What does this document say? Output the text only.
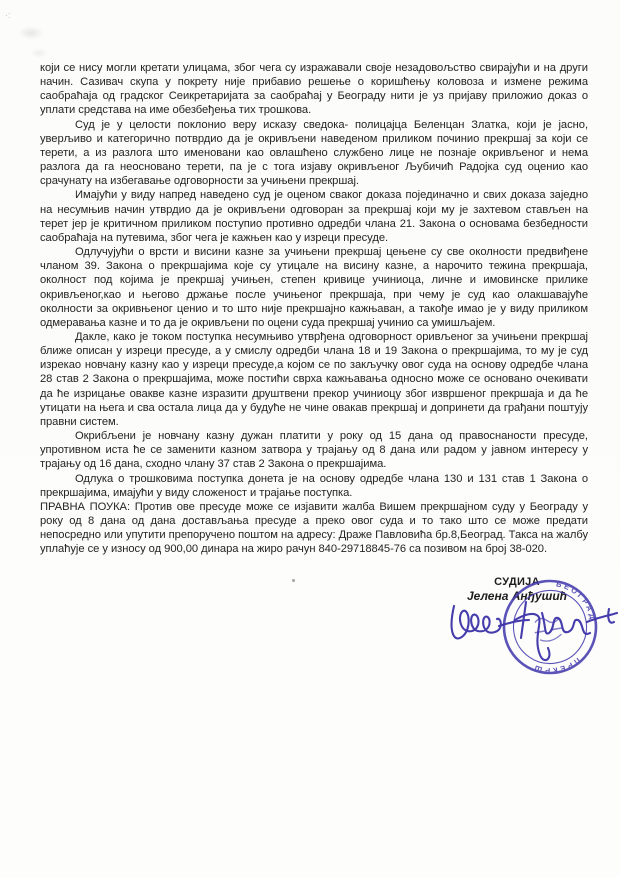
·:

који се нису могли кретати улицама, због чега су изражавали своје незадовољство свирајући и на други начин. Сазивач скупа у покрету није прибавио решење о коришћењу коловоза и измене режима саобраћаја од градског Сеикретаријата за саобраћај у Београду нити је уз пријаву приложио доказ о уплати средстава на име обезбеђења тих трошкова.

Суд је у целости поклонио веру исказу сведока- полицајца Беленцан Златка, који је јасно, уверљиво и категорично потврдио да је окривљени наведеном приликом починио прекршај за који се терети, а из разлога што именовани као овлашћено службено лице не познаје окривљеног и нема разлога да га неосновано терети, па је с тога изјаву окривљеног Љубичић Радојка суд оценио као срачунату на избегавање одговорности за учињени прекршај.

Имајући у виду напред наведено суд је оценом сваког доказа појединачно и свих доказа заједно на несумњив начин утврдио да је окривљени одговоран за прекршај који му је захтевом стављен на терет јер је критичном приликом поступио противно одредби члана 21. Закона о основама безбедности саобраћаја на путевима, због чега је кажњен као у изреци пресуде.

Одлучујући о врсти и висини казне за учињени прекршај цењене су све околности предвиђене чланом 39. Закона о прекршајима које су утицале на висину казне, а нарочито тежина прекршаја, околност под којима је прекршај учињен, степен кривице учиниоца, личне и имовинске прилике окривљеног,као и његово држање после учињеног прекршаја, при чему је суд као олакшавајуће околности за окривњеног ценио и то што није прекршајно кажњаван, а такође имао је у виду приликом одмеравања казне и то да је окривљени по оцени суда прекршај учинио са умишљајем.

Дакле, како је током поступка несумњиво утврђена одговорност оривљеног за учињени прекршај ближе описан у изреци пресуде, а у смислу одредби члана 18 и 19 Закона о прекршајима, то му је суд изрекао новчану казну као у изреци пресуде,а којом се по закључку овог суда на основу одредбе члана 28 став 2 Закона о прекршајима, може постићи сврха кажњавања односно може се основано очекивати да ће изрицање овакве казне изразити друштвени прекор учиниоцу због извршеног прекршаја и да ће утицати на њега и сва остала лица да у будуће не чине овакав прекршај и допринети да грађани поштују правни систем.

Окрибљени је новчану казну дужан платити у року од 15 дана од правоснаности пресуде, упротивном иста ће се заменити казном затвора у трајању од 8 дана или радом у јавном интересу у трајању од 16 дана, сходно члану 37 став 2 Закона о прекршајима.

Одлука о трошковима поступка донета је на основу одредбе члана 130 и 131 став 1 Закона о прекршајима, имајући у виду сложеност и трајање поступка.

ПРАВНА ПОУКА: Против ове пресуде може се изјавити жалба Вишем прекршајном суду у Београду у року од 8 дана од дана достављања пресуде а преко овог суда и то тако што се може предати непосредно или упутити препоручено поштом на адресу: Драже Павловића бр.8,Београд. Такса на жалбу уплаћује се у износу од 900,00 динара на жиро рачун 840-29718845-76 са позивом на број 38-020.

СУДИЈА
Јелена Анђушић
БЕОГРАД
ПРЕКРШ
